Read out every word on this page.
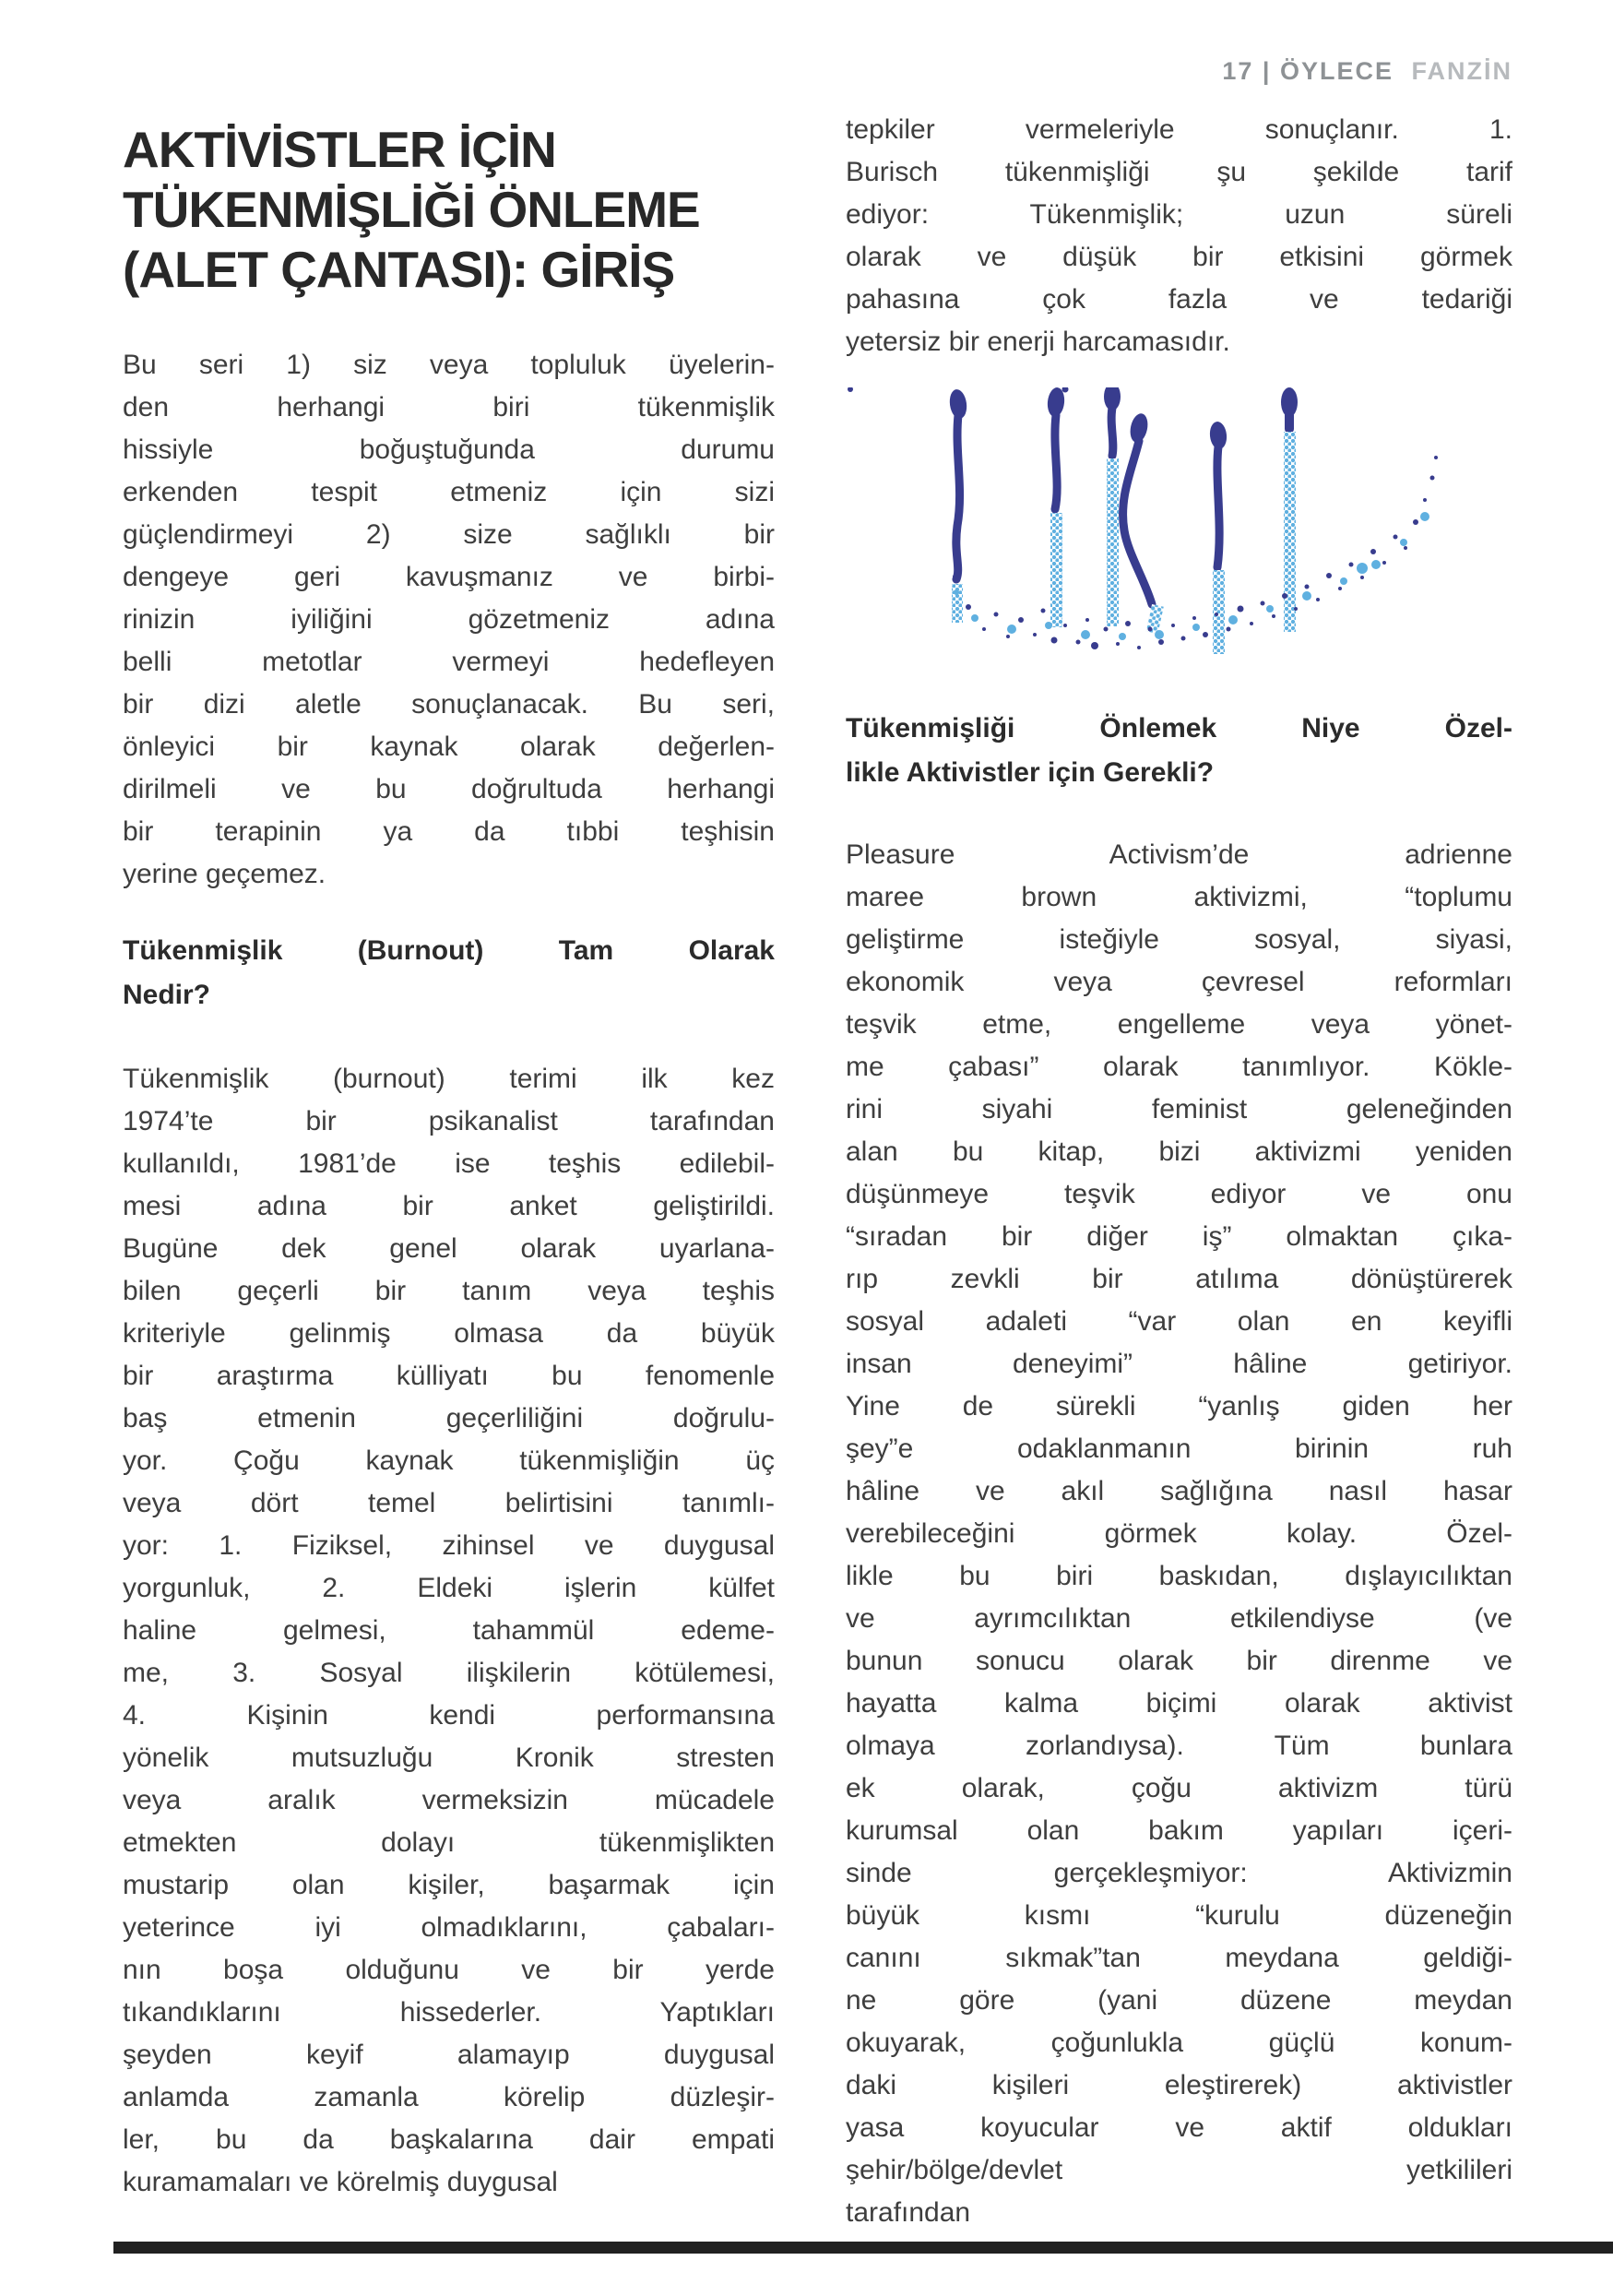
17 | ÖYLECE FANZİN
AKTİVİSTLER İÇİN
TÜKENMİŞLİĞİ ÖNLEME
(ALET ÇANTASI): GİRİŞ
Bu seri 1) siz veya topluluk üyelerin-
den herhangi biri tükenmişlik
hissiyle boğuştuğunda durumu
erkenden tespit etmeniz için sizi
güçlendirmeyi 2) size sağlıklı bir
dengeye geri kavuşmanız ve birbi-
rinizin iyiliğini gözetmeniz adına
belli metotlar vermeyi hedefleyen
bir dizi aletle sonuçlanacak. Bu seri,
önleyici bir kaynak olarak değerlen-
dirilmeli ve bu doğrultuda herhangi
bir terapinin ya da tıbbi teşhisin
yerine geçemez.
Tükenmişlik (Burnout) Tam Olarak
Nedir?
Tükenmişlik (burnout) terimi ilk kez
1974’te bir psikanalist tarafından
kullanıldı, 1981’de ise teşhis edilebil-
mesi adına bir anket geliştirildi.
Bugüne dek genel olarak uyarlana-
bilen geçerli bir tanım veya teşhis
kriteriyle gelinmiş olmasa da büyük
bir araştırma külliyatı bu fenomenle
baş etmenin geçerliliğini doğrulu-
yor. Çoğu kaynak tükenmişliğin üç
veya dört temel belirtisini tanımlı-
yor: 1. Fiziksel, zihinsel ve duygusal
yorgunluk, 2. Eldeki işlerin külfet
haline gelmesi, tahammül edeme-
me, 3. Sosyal ilişkilerin kötülemesi,
4. Kişinin kendi performansına
yönelik mutsuzluğu Kronik stresten
veya aralık vermeksizin mücadele
etmekten dolayı tükenmişlikten
mustarip olan kişiler, başarmak için
yeterince iyi olmadıklarını, çabaları-
nın boşa olduğunu ve bir yerde
tıkandıklarını hissederler. Yaptıkları
şeyden keyif alamayıp duygusal
anlamda zamanla körelip düzleşir-
ler, bu da başkalarına dair empati
kuramamaları ve körelmiş duygusal
tepkiler vermeleriyle sonuçlanır. 1.
Burisch tükenmişliği şu şekilde tarif
ediyor: Tükenmişlik; uzun süreli
olarak ve düşük bir etkisini görmek
pahasına çok fazla ve tedariği
yetersiz bir enerji harcamasıdır.
Tükenmişliği Önlemek Niye Özel-
likle Aktivistler için Gerekli?
Pleasure Activism’de adrienne
maree brown aktivizmi, “toplumu
geliştirme isteğiyle sosyal, siyasi,
ekonomik veya çevresel reformları
teşvik etme, engelleme veya yönet-
me çabası” olarak tanımlıyor. Kökle-
rini siyahi feminist geleneğinden
alan bu kitap, bizi aktivizmi yeniden
düşünmeye teşvik ediyor ve onu
“sıradan bir diğer iş” olmaktan çıka-
rıp zevkli bir atılıma dönüştürerek
sosyal adaleti “var olan en keyifli
insan deneyimi” hâline getiriyor.
Yine de sürekli “yanlış giden her
şey”e odaklanmanın birinin ruh
hâline ve akıl sağlığına nasıl hasar
verebileceğini görmek kolay. Özel-
likle bu biri baskıdan, dışlayıcılıktan
ve ayrımcılıktan etkilendiyse (ve
bunun sonucu olarak bir direnme ve
hayatta kalma biçimi olarak aktivist
olmaya zorlandıysa). Tüm bunlara
ek olarak, çoğu aktivizm türü
kurumsal olan bakım yapıları içeri-
sinde gerçekleşmiyor: Aktivizmin
büyük kısmı “kurulu düzeneğin
canını sıkmak”tan meydana geldiği-
ne göre (yani düzene meydan
okuyarak, çoğunlukla güçlü konum-
daki kişileri eleştirerek) aktivistler
yasa koyucular ve aktif oldukları
şehir/bölge/devlet yetkilileri
tarafından
